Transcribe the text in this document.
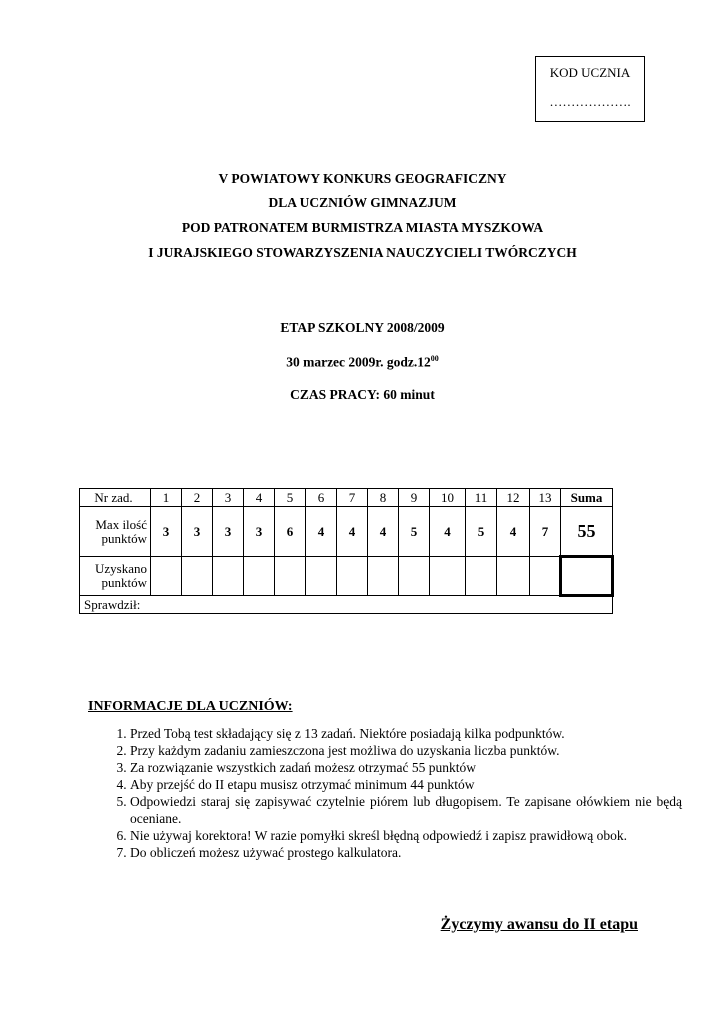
KOD UCZNIA
……………….
V POWIATOWY KONKURS GEOGRAFICZNY
DLA UCZNIÓW GIMNAZJUM
POD PATRONATEM BURMISTRZA MIASTA MYSZKOWA
I JURAJSKIEGO STOWARZYSZENIA NAUCZYCIELI TWÓRCZYCH
ETAP SZKOLNY 2008/2009
30 marzec 2009r. $godz.12^{00}$
CZAS PRACY: 60 minut
Nr zad.	1	2	3	4	5	6	7	8	9	10	11	12	13	Suma

Max ilość
punktów	3	3	3	3	6	4	4	4	5	4	5	4	7	55

Uzyskano
punktów														

Sprawdził:														
INFORMACJE DLA UCZNIÓW:
1. Przed Tobą test składający się z 13 zadań. Niektóre posiadają kilka podpunktów.
2. Przy każdym zadaniu zamieszczona jest możliwa do uzyskania liczba punktów.
3. Za rozwiązanie wszystkich zadań możesz otrzymać 55 punktów
4. Aby przejść do II etapu musisz otrzymać minimum 44 punktów
5. Odpowiedzi staraj się zapisywać czytelnie piórem lub długopisem. Te zapisane ołówkiem nie będą oceniane.
6. Nie używaj korektora! W razie pomyłki skreśl błędną odpowiedź i zapisz prawidłową obok.
7. Do obliczeń możesz używać prostego kalkulatora.
Życzymy awansu do II etapu
